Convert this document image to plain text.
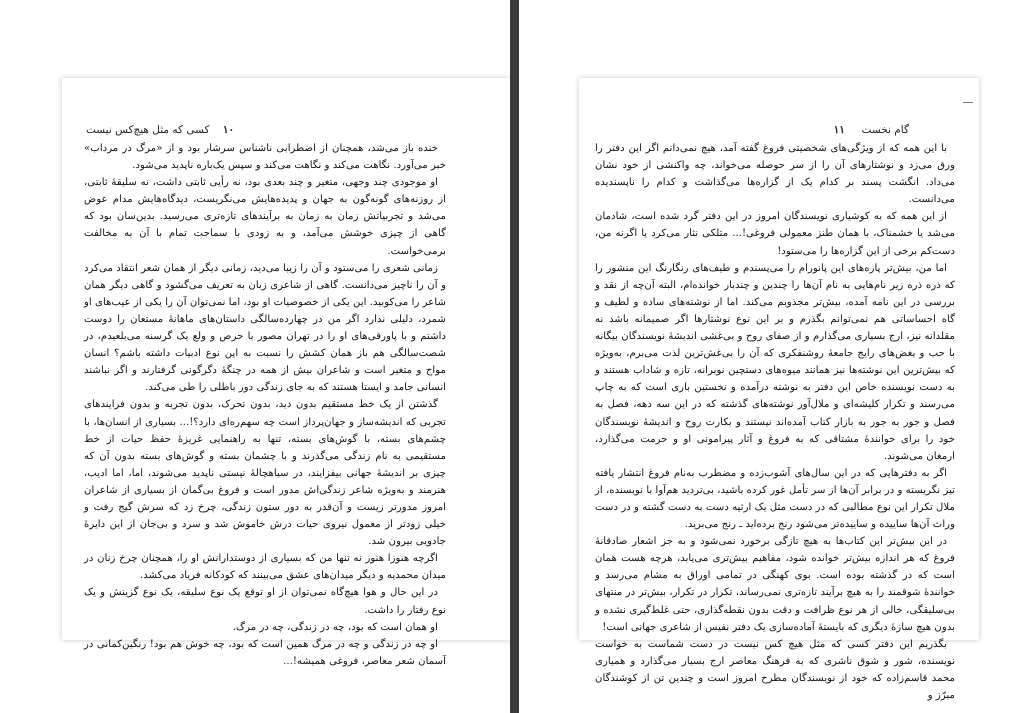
۱۰    کسی که مثل هیچ‌کس نیست

خنده باز می‌شد، همچنان از اضطرابی ناشناس سرشار بود و از «مرگ در مرداب» خبر می‌آورد. نگاهت می‌کند و نگاهت می‌کند و سپس یک‌باره ناپدید می‌شود.

او موجودی چند وجهی، متغیر و چند بعدی بود، نه رأیی ثابتی داشت، نه سلیقهٔ ثابتی، از روزنه‌های گونه‌گون به جهان و پدیده‌هایش می‌نگریست، دیدگاه‌هایش مدام عوض می‌شد و تجربیاتش زمان به زمان به برآیندهای تازه‌تری می‌رسید. بدین‌سان بود که گاهی از چیزی خوشش می‌آمد، و به زودی با سماجت تمام با آن به مخالفت برمی‌خواست.

زمانی شعری را می‌ستود و آن را زیبا می‌دید، زمانی دیگر از همان شعر انتقاد می‌کرد و آن را ناچیز می‌دانست. گاهی از شاعری زبان به تعریف می‌گشود و گاهی دیگر همان شاعر را می‌کوبید. این یکی از خصوصیات او بود، اما نمی‌توان آن را یکی از عیب‌های او شمرد، دلیلی ندارد اگر من در چهارده‌سالگی داستان‌های ماهانهٔ مستعان را دوست داشتم و با پاورقی‌های او را در تهران مصور با حرص و ولع یک گرسنه می‌بلعیدم، در شصت‌سالگی هم باز همان کشش را نسبت به این نوع ادبیات داشته باشم؟ انسان مواج و متغیر است و شاعران بیش از همه در چنگهٔ دگرگونی گرفتارند و اگر نباشند انسانی جامد و ایستا هستند که به جای زندگی دور باطلی را طی می‌کند.

گذشتن از یک خط مستقیم بدون دید، بدون تحرک، بدون تجربه و بدون فرایندهای تجربی که اندیشه‌ساز و جهان‌پرداز است چه سهم‌ره‌ای دارد؟!... بسیاری از انسان‌ها، با چشم‌های بسته، با گوش‌های بسته، تنها به راهنمایی غریزهٔ حفظ حیات از خط مستقیمی به نام زندگی می‌گذرند و با چشمان بسته و گوش‌های بسته بدون آن که چیزی بر اندیشهٔ جهانی بیفزایند، در سیاهچالهٔ نیستی ناپدید می‌شوند، اما، اما ادیب، هنرمند و به‌ویژه شاعر زندگی‌اش مدور است و فروغ بی‌گمان از بسیاری از شاعران امروز مدورتر زیست و آن‌قدر به دور ستون زندگی، چرخ زد که سرش گیج رفت و خیلی زودتر از معمول نیروی حیات درش خاموش شد و سرد و بی‌جان از این دایرهٔ جادویی بیرون شد.

اگرچه هنوزا هنوز نه تنها من که بسیاری از دوستدارانش او را، همچنان چرخ زنان در میدان محمدیه و دیگر میدان‌های عشق می‌بینند که کودکانه فریاد می‌کشد.

در این حال و هوا هیچ‌گاه نمی‌توان از او توقع یک نوع سلیقه، یک نوع گزینش و یک نوع رفتار را داشت.

او همان است که بود، چه در زندگی، چه در مرگ.

او چه در زندگی و چه در مرگ همین است که بود، چه خوش هم بود! رنگین‌کمانی در آسمان شعر معاصر، فروغی همیشه!...

گام نخست     ۱۱

با این همه که از ویژگی‌های شخصیتی فروغ گفته آمد، هیچ نمی‌دانم اگر این دفتر را ورق می‌زد و نوشتارهای آن را از سر حوصله می‌خواند، چه واکنشی از خود نشان می‌داد. انگشت پسند بر کدام یک از گزاره‌ها می‌گذاشت و کدام را ناپسندیده می‌دانست.

از این همه که به کوشیاری نویسندگان امروز در این دفتر گرد شده است، شادمان می‌شد یا خشمناک، با همان طنز معمولی فروغی!... متلکی نثار می‌کرد یا اگرنه من، دست‌کم برخی از این گزاره‌ها را می‌ستود!

اما من، بیش‌تر پاره‌های این پانورام را می‌پسندم و طیف‌های رنگارنگ این منشور را که ذره ذره زیر نام‌هایی به نام آن‌ها را چندین و چندبار خوانده‌ام، البته آن‌چه از نقد و بررسی در این نامه آمده، بیش‌تر مجذوبم می‌کند. اما از نوشته‌های ساده و لطیف و گاه احساساتی هم نمی‌توانم بگذرم و بر این نوع نوشتارها اگر صمیمانه باشد نه مقلدانه نیز، ارج بسیاری می‌گذارم و از صفای روح و بی‌غشی اندیشهٔ نویسندگان بیگانه با حب و بغض‌های رایج جامعهٔ روشنفکری که آن را بی‌غش‌ترین لذت می‌برم، به‌ویژه که بیش‌ترین این نوشته‌ها نیز همانند میوه‌های دستچین نوبرانه، تازه و شاداب هستند و به دست نویسنده خاص این دفتر به نوشته درآمده و نخستین باری است که به چاپ می‌رسند و تکرار کلیشه‌ای و ملال‌آور نوشته‌های گذشته که در این سه دهه، فصل به فصل و جور به جور به بازار کتاب آمده‌اند نیستند و بکارت روح و اندیشهٔ نویسندگان خود را برای خوانندهٔ مشتاقی که به فروغ و آثار پیرامونی او و حرمت می‌گذارد، ارمغان می‌شوند.

اگر به دفترهایی که در این سال‌های آشوب‌زده و مضطرب به‌نام فروغ انتشار یافته تیز نگریسته و در برابر آن‌ها از سر تأمل غور کرده باشید، بی‌تردید هم‌آوا با نویسنده، از ملال تکرار این نوع مطالبی که در دست مثل یک ارثیه دست به دست گشته و در دست وراث آن‌ها ساییده و ساییده‌تر می‌شود رنج برده‌اید ـ رنج می‌برید.

در این بیش‌تر این کتاب‌ها به هیچ تازگی برخورد نمی‌شود و به جز اشعار صادقانهٔ فروغ که هر اندازه بیش‌تر خوانده شود، مفاهیم بیش‌تری می‌یابد، هرچه هست همان است که در گذشته بوده است. بوی کهنگی در تمامی اوراق به مشام می‌رسد و خوانندهٔ شوقمند را به هیچ برآیند تازه‌تری نمی‌رساند، تکرار در تکرار، بیش‌تر در منتهای بی‌سلیقگی، خالی از هر نوع ظرافت و دقت بدون نقطه‌گذاری، حتی غلط‌گیری نشده و بدون هیچ سازهٔ دیگری که بایستهٔ آماده‌سازی یک دفتر نفیس از شاعری جهانی است!

بگذریم این دفتر کسی که مثل هیچ کس نیست در دست شماست به خواست نویسنده، شور و شوق ناشری که به فرهنگ معاصر ارج بسیار می‌گذارد و همیاری محمد قاسم‌زاده که خود از نویسندگان مطرح امروز است و چندین تن از کوشندگان مبرّز و
